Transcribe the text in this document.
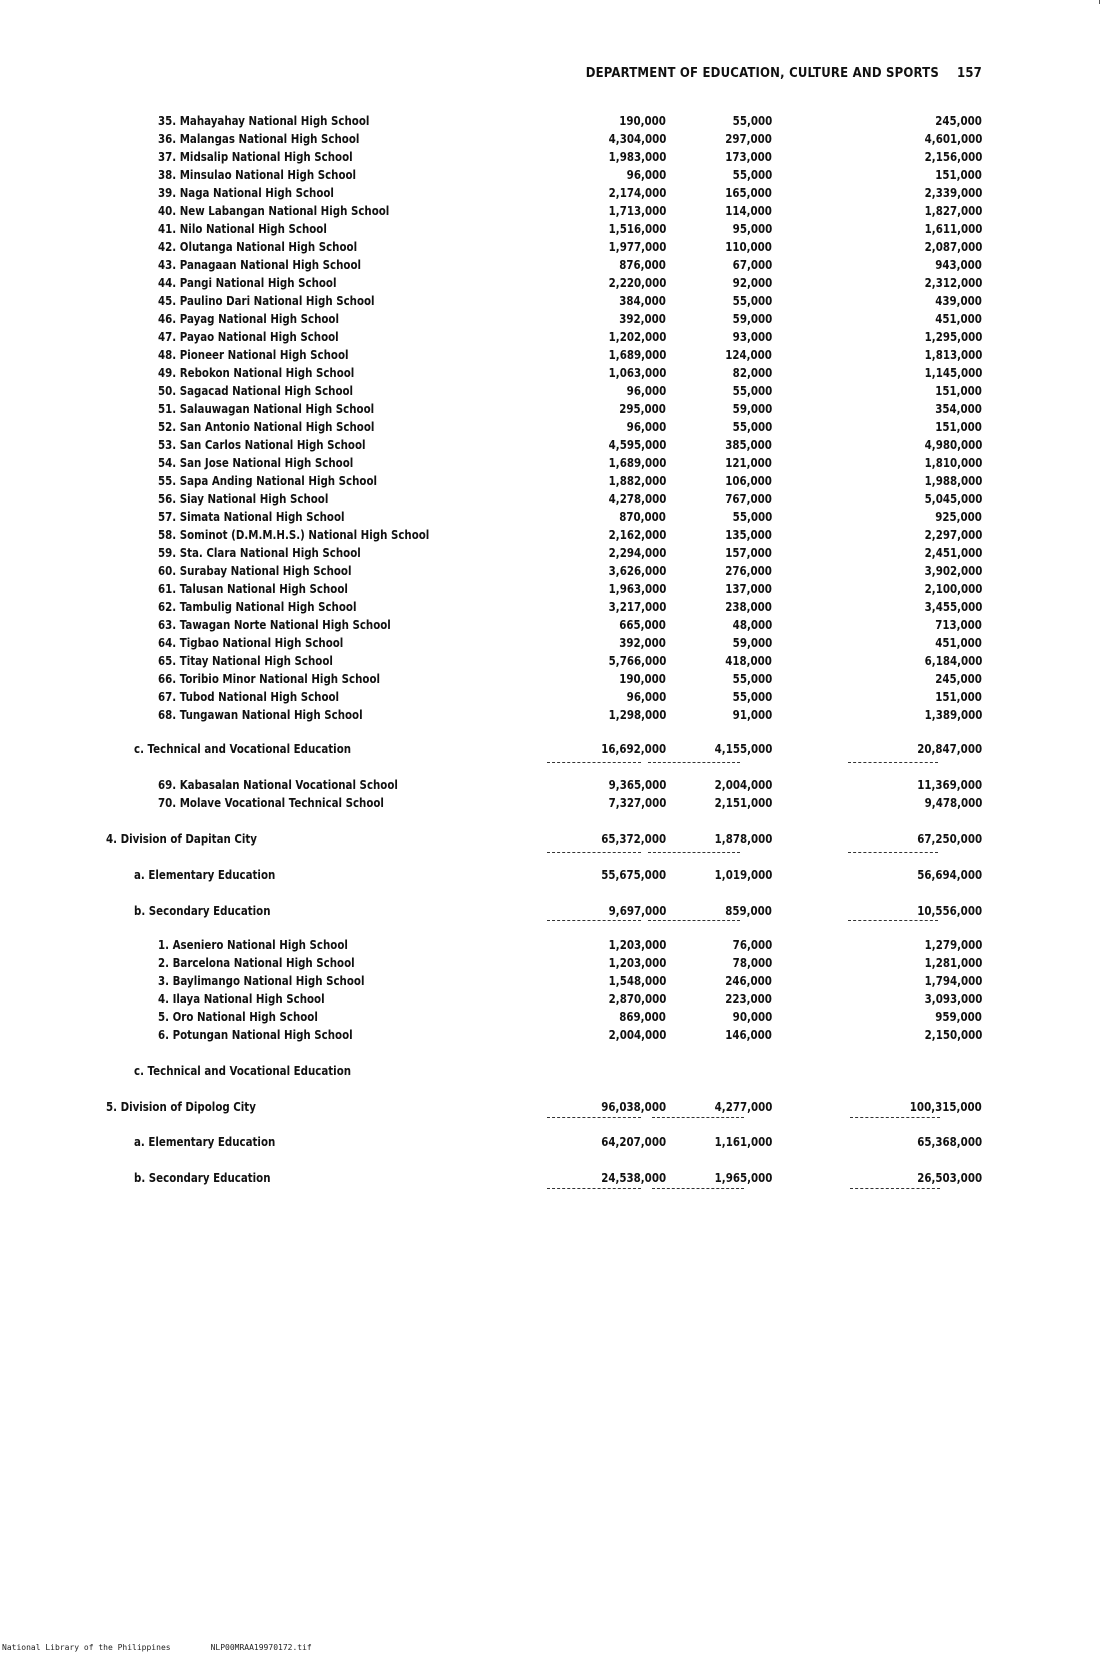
DEPARTMENT OF EDUCATION, CULTURE AND SPORTS 157
35. Mahayahay National High School	190,000	55,000	245,000
36. Malangas National High School	4,304,000	297,000	4,601,000
37. Midsalip National High School	1,983,000	173,000	2,156,000
38. Minsulao National High School	96,000	55,000	151,000
39. Naga National High School	2,174,000	165,000	2,339,000
40. New Labangan National High School	1,713,000	114,000	1,827,000
41. Nilo National High School	1,516,000	95,000	1,611,000
42. Olutanga National High School	1,977,000	110,000	2,087,000
43. Panagaan National High School	876,000	67,000	943,000
44. Pangi National High School	2,220,000	92,000	2,312,000
45. Paulino Dari National High School	384,000	55,000	439,000
46. Payag National High School	392,000	59,000	451,000
47. Payao National High School	1,202,000	93,000	1,295,000
48. Pioneer National High School	1,689,000	124,000	1,813,000
49. Rebokon National High School	1,063,000	82,000	1,145,000
50. Sagacad National High School	96,000	55,000	151,000
51. Salauwagan National High School	295,000	59,000	354,000
52. San Antonio National High School	96,000	55,000	151,000
53. San Carlos National High School	4,595,000	385,000	4,980,000
54. San Jose National High School	1,689,000	121,000	1,810,000
55. Sapa Anding National High School	1,882,000	106,000	1,988,000
56. Siay National High School	4,278,000	767,000	5,045,000
57. Simata National High School	870,000	55,000	925,000
58. Sominot (D.M.M.H.S.) National High School	2,162,000	135,000	2,297,000
59. Sta. Clara National High School	2,294,000	157,000	2,451,000
60. Surabay National High School	3,626,000	276,000	3,902,000
61. Talusan National High School	1,963,000	137,000	2,100,000
62. Tambulig National High School	3,217,000	238,000	3,455,000
63. Tawagan Norte National High School	665,000	48,000	713,000
64. Tigbao National High School	392,000	59,000	451,000
65. Titay National High School	5,766,000	418,000	6,184,000
66. Toribio Minor National High School	190,000	55,000	245,000
67. Tubod National High School	96,000	55,000	151,000
68. Tungawan National High School	1,298,000	91,000	1,389,000
c. Technical and Vocational Education	16,692,000	4,155,000	20,847,000
69. Kabasalan National Vocational School	9,365,000	2,004,000	11,369,000
70. Molave Vocational Technical School	7,327,000	2,151,000	9,478,000
4. Division of Dapitan City	65,372,000	1,878,000	67,250,000
a. Elementary Education	55,675,000	1,019,000	56,694,000
b. Secondary Education	9,697,000	859,000	10,556,000
1. Aseniero National High School	1,203,000	76,000	1,279,000
2. Barcelona National High School	1,203,000	78,000	1,281,000
3. Baylimango National High School	1,548,000	246,000	1,794,000
4. Ilaya National High School	2,870,000	223,000	3,093,000
5. Oro National High School	869,000	90,000	959,000
6. Potungan National High School	2,004,000	146,000	2,150,000
c. Technical and Vocational Education
5. Division of Dipolog City	96,038,000	4,277,000	100,315,000
a. Elementary Education	64,207,000	1,161,000	65,368,000
b. Secondary Education	24,538,000	1,965,000	26,503,000
National Library of the Philippines	NLP00MRAA19970172.tif
